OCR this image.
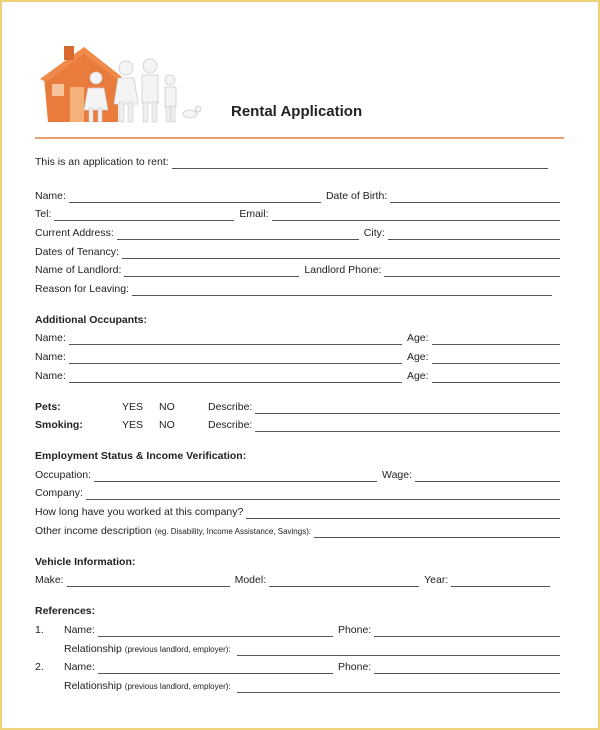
Rental Application
This is an application to rent:
Name:	Date of Birth:
Tel:	Email:
Current Address:	City:
Dates of Tenancy:
Name of Landlord:	Landlord Phone:
Reason for Leaving:
Additional Occupants:
Name:	Age:
Name:	Age:
Name:	Age:
Pets:	YES	NO	Describe:
Smoking:	YES	NO	Describe:
Employment Status & Income Verification:
Occupation:	Wage:
Company:
How long have you worked at this company?
Other income description (eg. Disability, Income Assistance, Savings):
Vehicle Information:
Make:	Model:	Year:
References:
1.	Name:	Phone:
Relationship (previous landlord, employer):
2.	Name:	Phone:
Relationship (previous landlord, employer):
